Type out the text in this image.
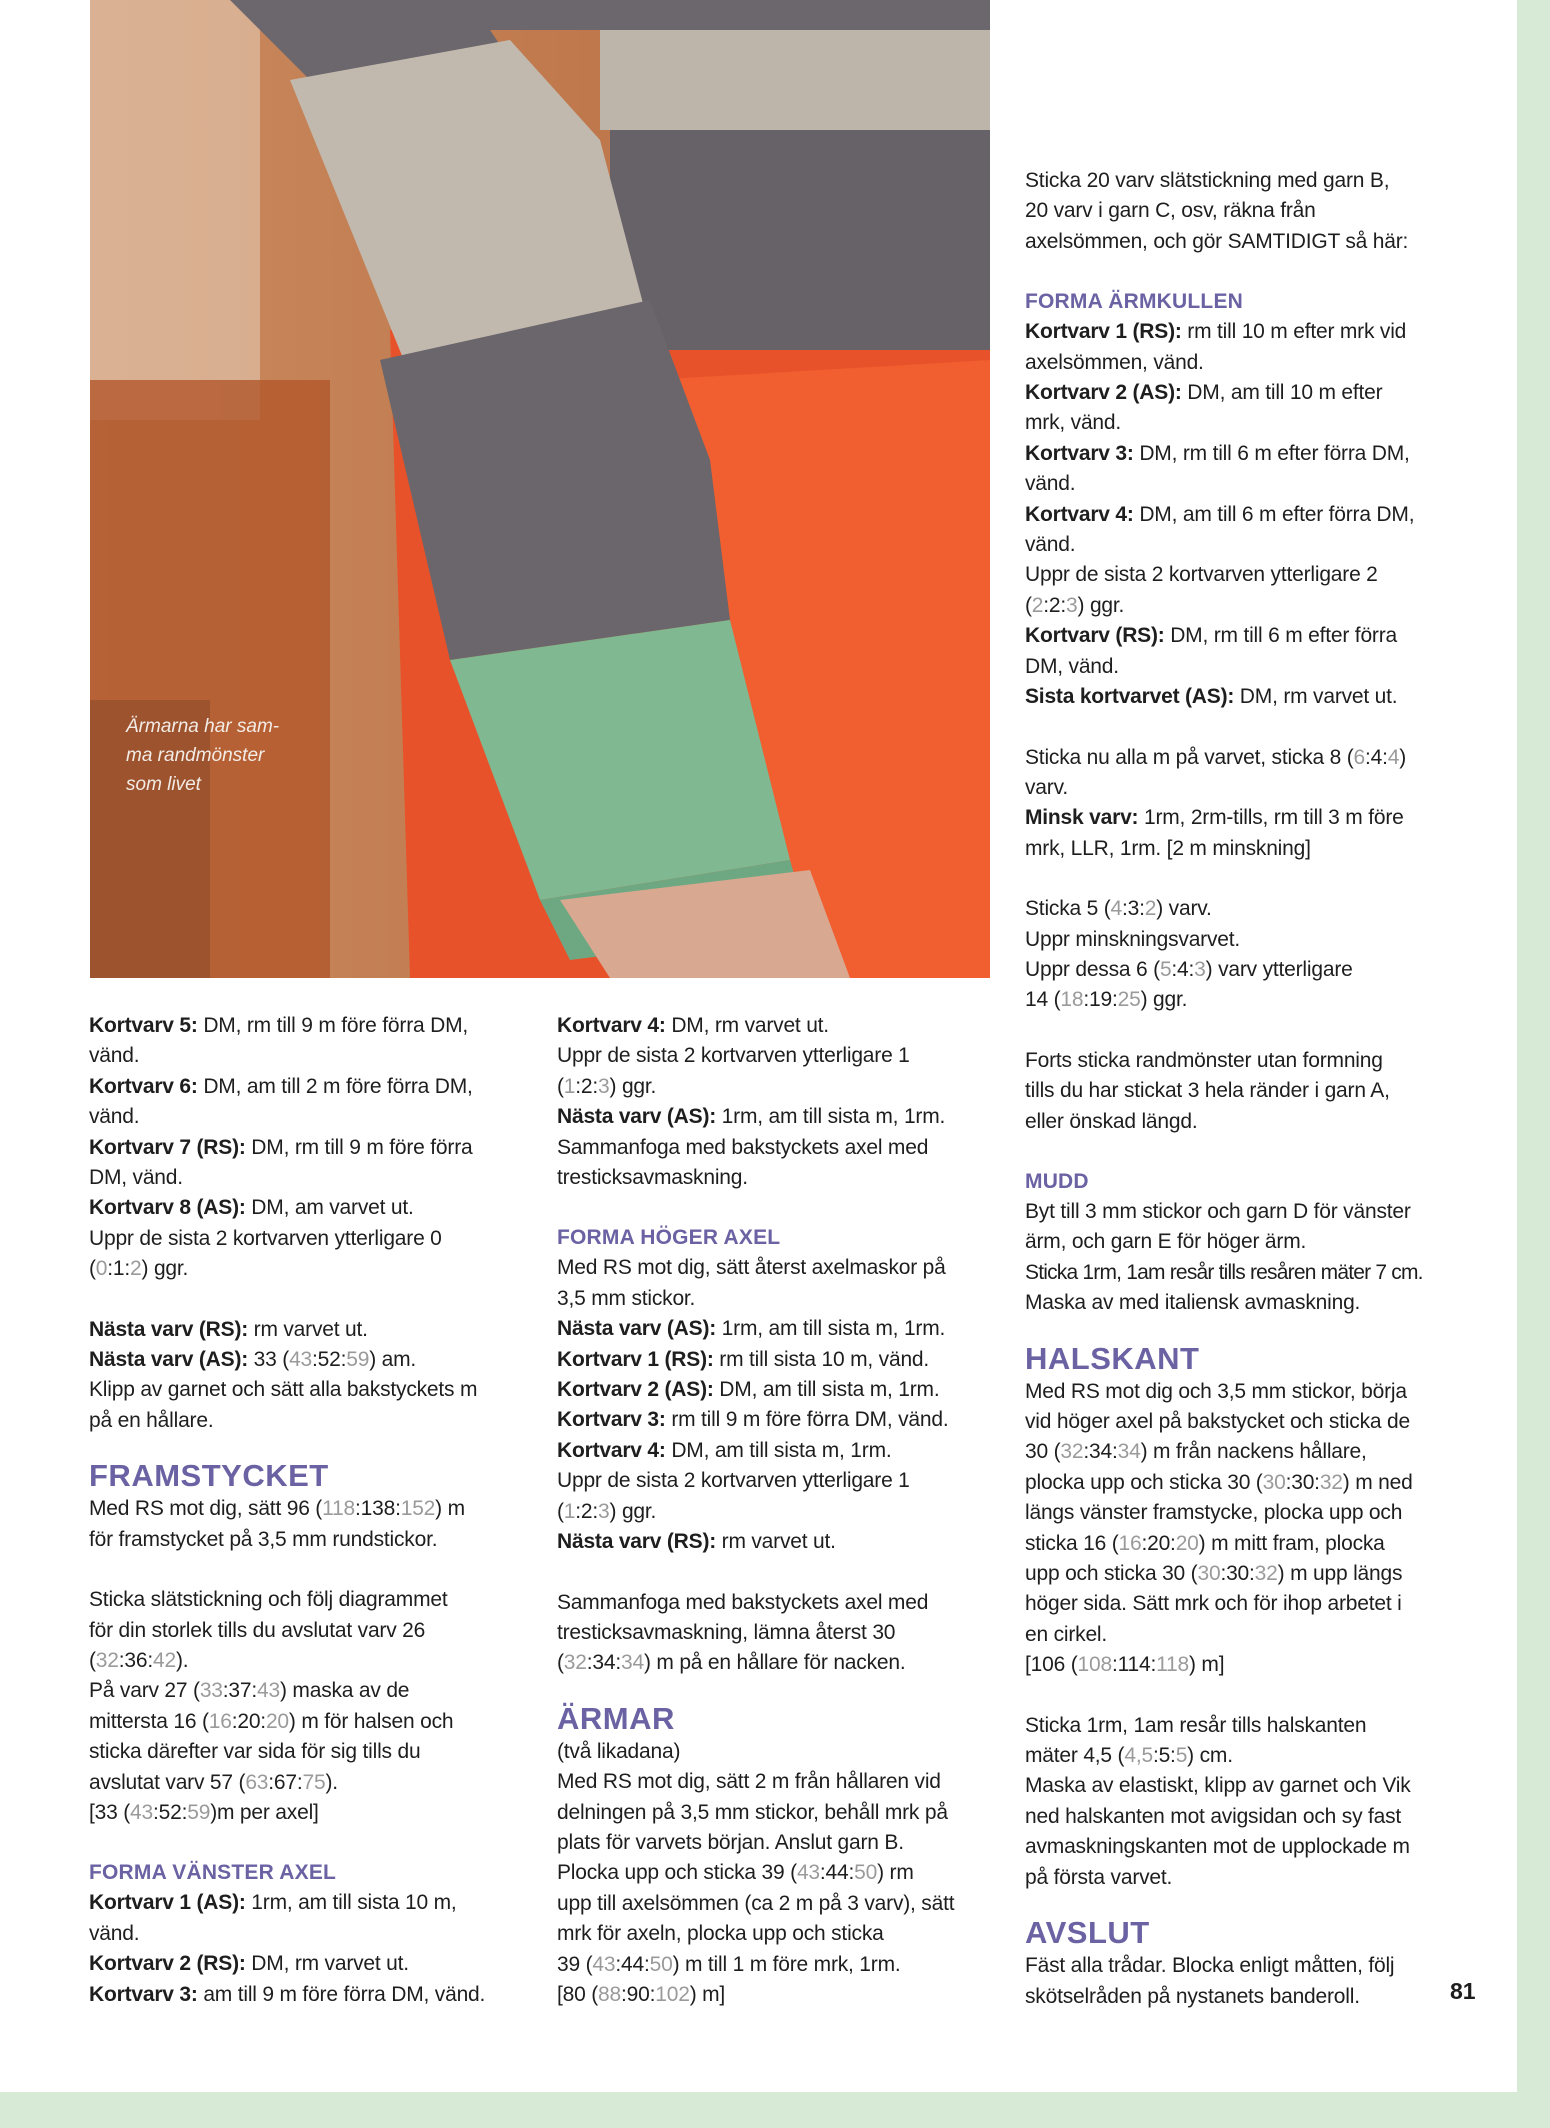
Ärmarna har sam-
ma randmönster
som livet

Kortvarv 5: DM, rm till 9 m före förra DM,

vänd.

Kortvarv 6: DM, am till 2 m före förra DM,

vänd.

Kortvarv 7 (RS): DM, rm till 9 m före förra

DM, vänd.

Kortvarv 8 (AS): DM, am varvet ut.

Uppr de sista 2 kortvarven ytterligare 0

(0:1:2) ggr.

Nästa varv (RS): rm varvet ut.

Nästa varv (AS): 33 (43:52:59) am.

Klipp av garnet och sätt alla bakstyckets m

på en hållare.

FRAMSTYCKET

Med RS mot dig, sätt 96 (118:138:152) m

för framstycket på 3,5 mm rundstickor.

Sticka slätstickning och följ diagrammet

för din storlek tills du avslutat varv 26

(32:36:42).

På varv 27 (33:37:43) maska av de

mittersta 16 (16:20:20) m för halsen och

sticka därefter var sida för sig tills du

avslutat varv 57 (63:67:75).

[33 (43:52:59)m per axel]

FORMA VÄNSTER AXEL

Kortvarv 1 (AS): 1rm, am till sista 10 m,

vänd.

Kortvarv 2 (RS): DM, rm varvet ut.

Kortvarv 3: am till 9 m före förra DM, vänd.

Kortvarv 4: DM, rm varvet ut.

Uppr de sista 2 kortvarven ytterligare 1

(1:2:3) ggr.

Nästa varv (AS): 1rm, am till sista m, 1rm.

Sammanfoga med bakstyckets axel med

tresticksavmaskning.

FORMA HÖGER AXEL

Med RS mot dig, sätt återst axelmaskor på

3,5 mm stickor.

Nästa varv (AS): 1rm, am till sista m, 1rm.

Kortvarv 1 (RS): rm till sista 10 m, vänd.

Kortvarv 2 (AS): DM, am till sista m, 1rm.

Kortvarv 3: rm till 9 m före förra DM, vänd.

Kortvarv 4: DM, am till sista m, 1rm.

Uppr de sista 2 kortvarven ytterligare 1

(1:2:3) ggr.

Nästa varv (RS): rm varvet ut.

Sammanfoga med bakstyckets axel med

tresticksavmaskning, lämna återst 30

(32:34:34) m på en hållare för nacken.

ÄRMAR

(två likadana)

Med RS mot dig, sätt 2 m från hållaren vid

delningen på 3,5 mm stickor, behåll mrk på

plats för varvets början. Anslut garn B.

Plocka upp och sticka 39 (43:44:50) rm

upp till axelsömmen (ca 2 m på 3 varv), sätt

mrk för axeln, plocka upp och sticka

39 (43:44:50) m till 1 m före mrk, 1rm.

[80 (88:90:102) m]

Sticka 20 varv slätstickning med garn B,

20 varv i garn C, osv, räkna från

axelsömmen, och gör SAMTIDIGT så här:

FORMA ÄRMKULLEN

Kortvarv 1 (RS): rm till 10 m efter mrk vid

axelsömmen, vänd.

Kortvarv 2 (AS): DM, am till 10 m efter

mrk, vänd.

Kortvarv 3: DM, rm till 6 m efter förra DM,

vänd.

Kortvarv 4: DM, am till 6 m efter förra DM,

vänd.

Uppr de sista 2 kortvarven ytterligare 2

(2:2:3) ggr.

Kortvarv (RS): DM, rm till 6 m efter förra

DM, vänd.

Sista kortvarvet (AS): DM, rm varvet ut.

Sticka nu alla m på varvet, sticka 8 (6:4:4)

varv.

Minsk varv: 1rm, 2rm-tills, rm till 3 m före

mrk, LLR, 1rm. [2 m minskning]

Sticka 5 (4:3:2) varv.

Uppr minskningsvarvet.

Uppr dessa 6 (5:4:3) varv ytterligare

14 (18:19:25) ggr.

Forts sticka randmönster utan formning

tills du har stickat 3 hela ränder i garn A,

eller önskad längd.

MUDD

Byt till 3 mm stickor och garn D för vänster

ärm, och garn E för höger ärm.

Sticka 1rm, 1am resår tills resåren mäter 7 cm.

Maska av med italiensk avmaskning.

HALSKANT

Med RS mot dig och 3,5 mm stickor, börja

vid höger axel på bakstycket och sticka de

30 (32:34:34) m från nackens hållare,

plocka upp och sticka 30 (30:30:32) m ned

längs vänster framstycke, plocka upp och

sticka 16 (16:20:20) m mitt fram, plocka

upp och sticka 30 (30:30:32) m upp längs

höger sida. Sätt mrk och för ihop arbetet i

en cirkel.

[106 (108:114:118) m]

Sticka 1rm, 1am resår tills halskanten

mäter 4,5 (4,5:5:5) cm.

Maska av elastiskt, klipp av garnet och Vik

ned halskanten mot avigsidan och sy fast

avmaskningskanten mot de upplockade m

på första varvet.

AVSLUT

Fäst alla trådar. Blocka enligt måtten, följ

skötselråden på nystanets banderoll.	81
